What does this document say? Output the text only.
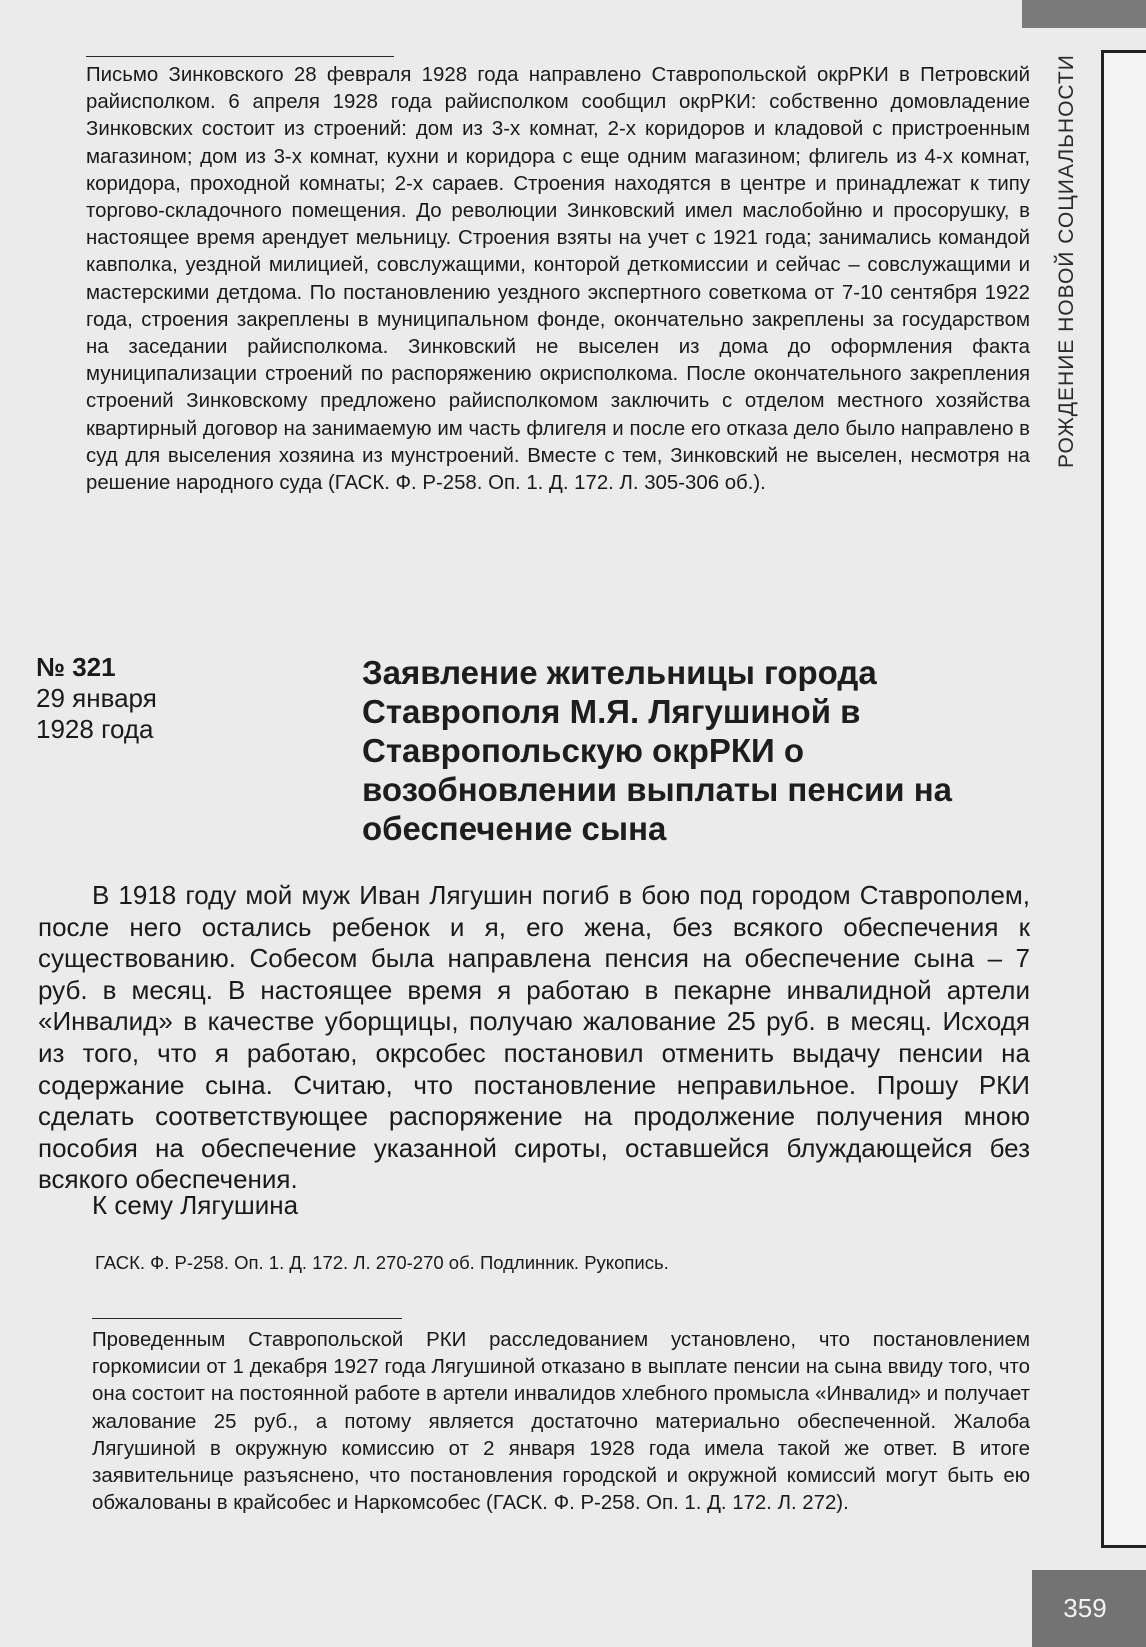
РОЖДЕНИЕ НОВОЙ СОЦИАЛЬНОСТИ

Письмо Зинковского 28 февраля 1928 года направлено Ставропольской окрРКИ в Петровский райисполком. 6 апреля 1928 года райисполком сообщил окрРКИ: собственно домовладение Зинковских состоит из строений: дом из 3-х комнат, 2-х коридоров и кладовой с пристроенным магазином; дом из 3-х комнат, кухни и коридора с еще одним магазином; флигель из 4-х комнат, коридора, проходной комнаты; 2-х сараев. Строения находятся в центре и принадлежат к типу торгово-складочного помещения. До революции Зинковский имел маслобойню и просорушку, в настоящее время арендует мельницу. Строения взяты на учет с 1921 года; занимались командой кавполка, уездной милицией, совслужащими, конторой деткомиссии и сейчас – совслужащими и мастерскими детдома. По постановлению уездного экспертного советкома от 7-10 сентября 1922 года, строения закреплены в муниципальном фонде, окончательно закреплены за государством на заседании райисполкома. Зинковский не выселен из дома до оформления факта муниципализации строений по распоряжению окрисполкома. После окончательного закрепления строений Зинковскому предложено райисполкомом заключить с отделом местного хозяйства квартирный договор на занимаемую им часть флигеля и после его отказа дело было направлено в суд для выселения хозяина из мунстроений. Вместе с тем, Зинковский не выселен, несмотря на решение народного суда (ГАСК. Ф. Р-258. Оп. 1. Д. 172. Л. 305-306 об.).

№ 321

29 января
1928 года

Заявление жительницы города Ставрополя М.Я. Лягушиной в Ставропольскую окрРКИ о возобновлении выплаты пенсии на обеспечение сына

В 1918 году мой муж Иван Лягушин погиб в бою под городом Ставрополем, после него остались ребенок и я, его жена, без всякого обеспечения к существованию. Собесом была направлена пенсия на обеспечение сына – 7 руб. в месяц. В настоящее время я работаю в пекарне инвалидной артели «Инвалид» в качестве уборщицы, получаю жалование 25 руб. в месяц. Исходя из того, что я работаю, окрсобес постановил отменить выдачу пенсии на содержание сына. Считаю, что постановление неправильное. Прошу РКИ сделать соответствующее распоряжение на продолжение получения мною пособия на обеспечение указанной сироты, оставшейся блуждающейся без всякого обеспечения.

К сему Лягушина

ГАСК. Ф. Р-258. Оп. 1. Д. 172. Л. 270-270 об. Подлинник. Рукопись.

Проведенным Ставропольской РКИ расследованием установлено, что постановлением горкомисии от 1 декабря 1927 года Лягушиной отказано в выплате пенсии на сына ввиду того, что она состоит на постоянной работе в артели инвалидов хлебного промысла «Инвалид» и получает жалование 25 руб., а потому является достаточно материально обеспеченной. Жалоба Лягушиной в окружную комиссию от 2 января 1928 года имела такой же ответ. В итоге заявительнице разъяснено, что постановления городской и окружной комиссий могут быть ею обжалованы в крайсобес и Наркомсобес (ГАСК. Ф. Р-258. Оп. 1. Д. 172. Л. 272).

359
